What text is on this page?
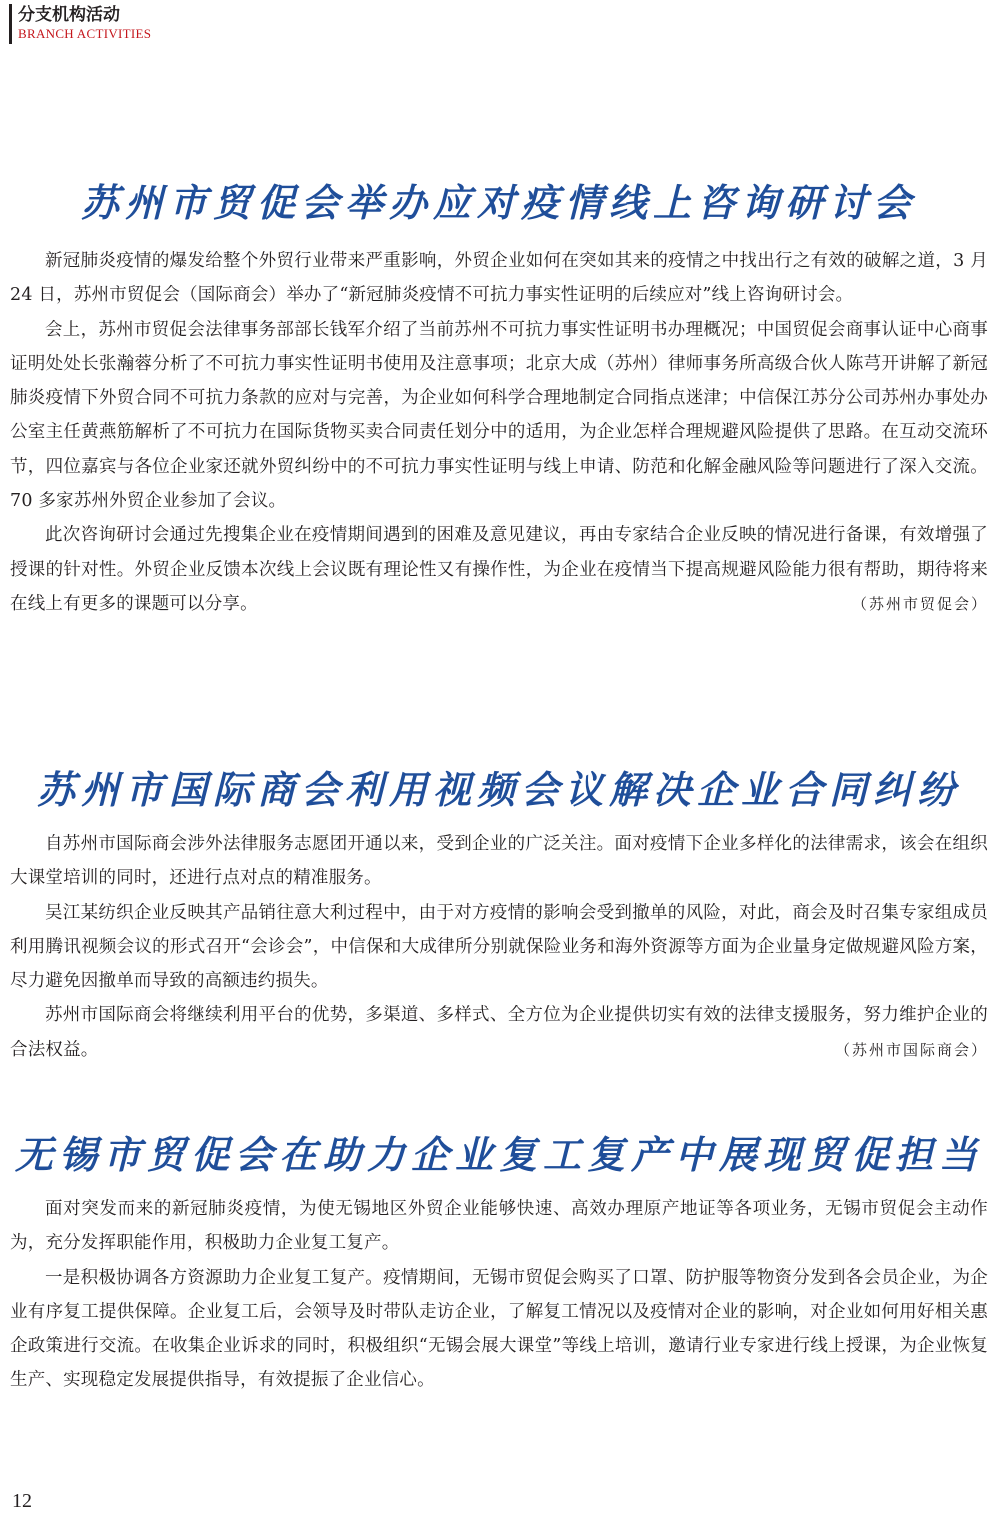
分支机构活动
BRANCH ACTIVITIES
苏州市贸促会举办应对疫情线上咨询研讨会

新冠肺炎疫情的爆发给整个外贸行业带来严重影响，外贸企业如何在突如其来的疫情之中找出行之有效的破解之道，3 月 24 日，苏州市贸促会（国际商会）举办了“新冠肺炎疫情不可抗力事实性证明的后续应对”线上咨询研讨会。

会上，苏州市贸促会法律事务部部长钱军介绍了当前苏州不可抗力事实性证明书办理概况；中国贸促会商事认证中心商事证明处处长张瀚蓉分析了不可抗力事实性证明书使用及注意事项；北京大成（苏州）律师事务所高级合伙人陈芎开讲解了新冠肺炎疫情下外贸合同不可抗力条款的应对与完善，为企业如何科学合理地制定合同指点迷津；中信保江苏分公司苏州办事处办公室主任黄燕筋解析了不可抗力在国际货物买卖合同责任划分中的适用，为企业怎样合理规避风险提供了思路。在互动交流环节，四位嘉宾与各位企业家还就外贸纠纷中的不可抗力事实性证明与线上申请、防范和化解金融风险等问题进行了深入交流。70 多家苏州外贸企业参加了会议。

此次咨询研讨会通过先搜集企业在疫情期间遇到的困难及意见建议，再由专家结合企业反映的情况进行备课，有效增强了授课的针对性。外贸企业反馈本次线上会议既有理论性又有操作性，为企业在疫情当下提高规避风险能力很有帮助，期待将来在线上有更多的课题可以分享。	（苏州市贸促会）

苏州市国际商会利用视频会议解决企业合同纠纷

自苏州市国际商会涉外法律服务志愿团开通以来，受到企业的广泛关注。面对疫情下企业多样化的法律需求，该会在组织大课堂培训的同时，还进行点对点的精准服务。

吴江某纺织企业反映其产品销往意大利过程中，由于对方疫情的影响会受到撤单的风险，对此，商会及时召集专家组成员利用腾讯视频会议的形式召开“会诊会”，中信保和大成律所分别就保险业务和海外资源等方面为企业量身定做规避风险方案，尽力避免因撤单而导致的高额违约损失。

苏州市国际商会将继续利用平台的优势，多渠道、多样式、全方位为企业提供切实有效的法律支援服务，努力维护企业的合法权益。	（苏州市国际商会）

无锡市贸促会在助力企业复工复产中展现贸促担当

面对突发而来的新冠肺炎疫情，为使无锡地区外贸企业能够快速、高效办理原产地证等各项业务，无锡市贸促会主动作为，充分发挥职能作用，积极助力企业复工复产。

一是积极协调各方资源助力企业复工复产。疫情期间，无锡市贸促会购买了口罩、防护服等物资分发到各会员企业，为企业有序复工提供保障。企业复工后，会领导及时带队走访企业，了解复工情况以及疫情对企业的影响，对企业如何用好相关惠企政策进行交流。在收集企业诉求的同时，积极组织“无锡会展大课堂”等线上培训，邀请行业专家进行线上授课，为企业恢复生产、实现稳定发展提供指导，有效提振了企业信心。

12
